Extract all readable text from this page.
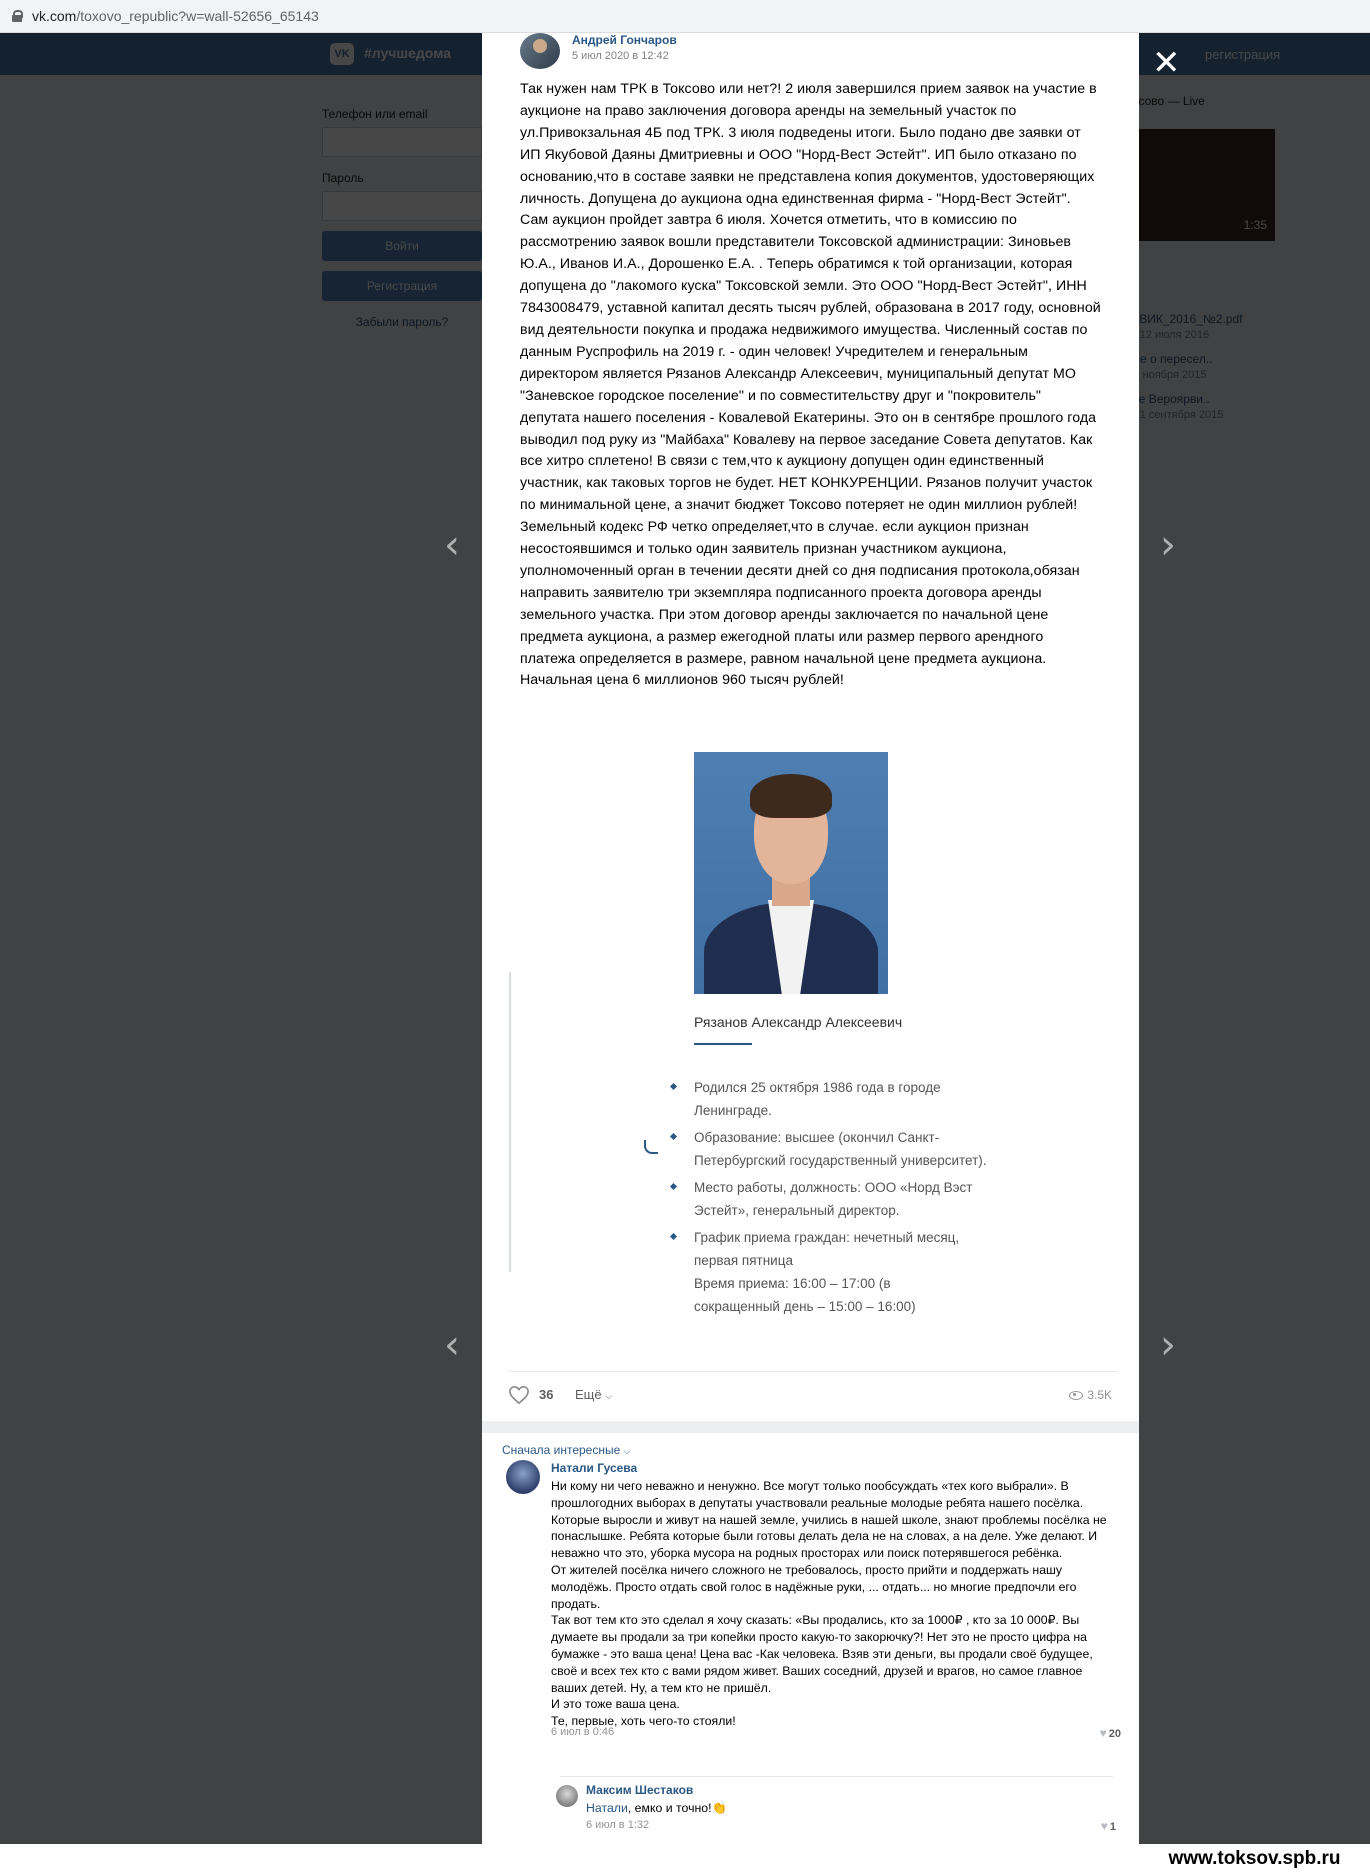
vk.com /toxovo_republic?w=wall-52656_65143
‹
‹
›
›
✕
Андрей Гончаров
5 июл 2020 в 12:42
Так нужен нам ТРК в Токсово или нет?! 2 июля завершился прием заявок на участие в аукционе на право заключения договора аренды на земельный участок по ул.Привокзальная 4Б под ТРК. 3 июля подведены итоги. Было подано две заявки от ИП Якубовой Даяны Дмитриевны и ООО "Норд-Вест Эстейт". ИП было отказано по основанию,что в составе заявки не представлена копия документов, удостоверяющих личность. Допущена до аукциона одна единственная фирма - "Норд-Вест Эстейт". Сам аукцион пройдет завтра 6 июля. Хочется отметить, что в комиссию по рассмотрению заявок вошли представители Токсовской администрации: Зиновьев Ю.А., Иванов И.А., Дорошенко Е.А. . Теперь обратимся к той организации, которая допущена до "лакомого куска" Токсовской земли. Это ООО "Норд-Вест Эстейт", ИНН 7843008479, уставной капитал десять тысяч рублей, образована в 2017 году, основной вид деятельности покупка и продажа недвижимого имущества. Численный состав по данным Руспрофиль на 2019 г. - один человек! Учредителем и генеральным директором является Рязанов Александр Алексеевич, муниципальный депутат МО "Заневское городское поселение" и по совместительству друг и "покровитель" депутата нашего поселения - Ковалевой Екатерины. Это он в сентябре прошлого года выводил под руку из "Майбаха" Ковалеву на первое заседание Совета депутатов. Как все хитро сплетено! В связи с тем,что к аукциону допущен один единственный участник, как таковых торгов не будет. НЕТ КОНКУРЕНЦИИ. Рязанов получит участок по минимальной цене, а значит бюджет Токсово потеряет не один миллион рублей! Земельный кодекс РФ четко определяет,что в случае. если аукцион признан несостоявшимся и только один заявитель признан участником аукциона, уполномоченный орган в течении десяти дней со дня подписания протокола,обязан направить заявителю три экземпляра подписанного проекта договора аренды земельного участка. При этом договор аренды заключается по начальной цене предмета аукциона, а размер ежегодной платы или размер первого арендного платежа определяется в размере, равном начальной цене предмета аукциона. Начальная цена 6 миллионов 960 тысяч рублей!
Рязанов Александр Алексеевич
Родился 25 октября 1986 года в городе Ленинграде.
Образование: высшее (окончил Санкт-Петербургский государственный университет).
Место работы, должность: ООО «Норд Вэст Эстейт», генеральный директор.
График приема граждан: нечетный месяц, первая пятница
Время приема: 16:00 – 17:00 (в
сокращенный день – 15:00 – 16:00)
36 Ещё ⌵	3.5K
Сначала интересные ⌵
Натали Гусева
Ни кому ни чего неважно и ненужно. Все могут только пообсуждать «тех кого выбрали». В прошлогодних выборах в депутаты участвовали реальные молодые ребята нашего посёлка. Которые выросли и живут на нашей земле, учились в нашей школе, знают проблемы посёлка не понаслышке. Ребята которые были готовы делать дела не на словах, а на деле. Уже делают. И неважно что это, уборка мусора на родных просторах или поиск потерявшегося ребёнка.
От жителей посёлка ничего сложного не требовалось, просто прийти и поддержать нашу молодёжь. Просто отдать свой голос в надёжные руки, ... отдать... но многие предпочли его продать.
Так вот тем кто это сделал я хочу сказать: «Вы продались, кто за 1000₽ , кто за 10 000₽. Вы думаете вы продали за три копейки просто какую-то закорючку?! Нет это не просто цифра на бумажке - это ваша цена! Цена вас -Как человека. Взяв эти деньги, вы продали своё будущее, своё и всех тех кто с вами рядом живет. Ваших соседний, друзей и врагов, но самое главное ваших детей. Ну, а тем кто не пришёл.
И это тоже ваша цена.
Те, первые, хоть чего-то стояли!
6 июл в 0:46	♥ 20
Максим Шестаков
Натали, емко и точно!👏
6 июл в 1:32	♥ 1
www.toksov.spb.ru
